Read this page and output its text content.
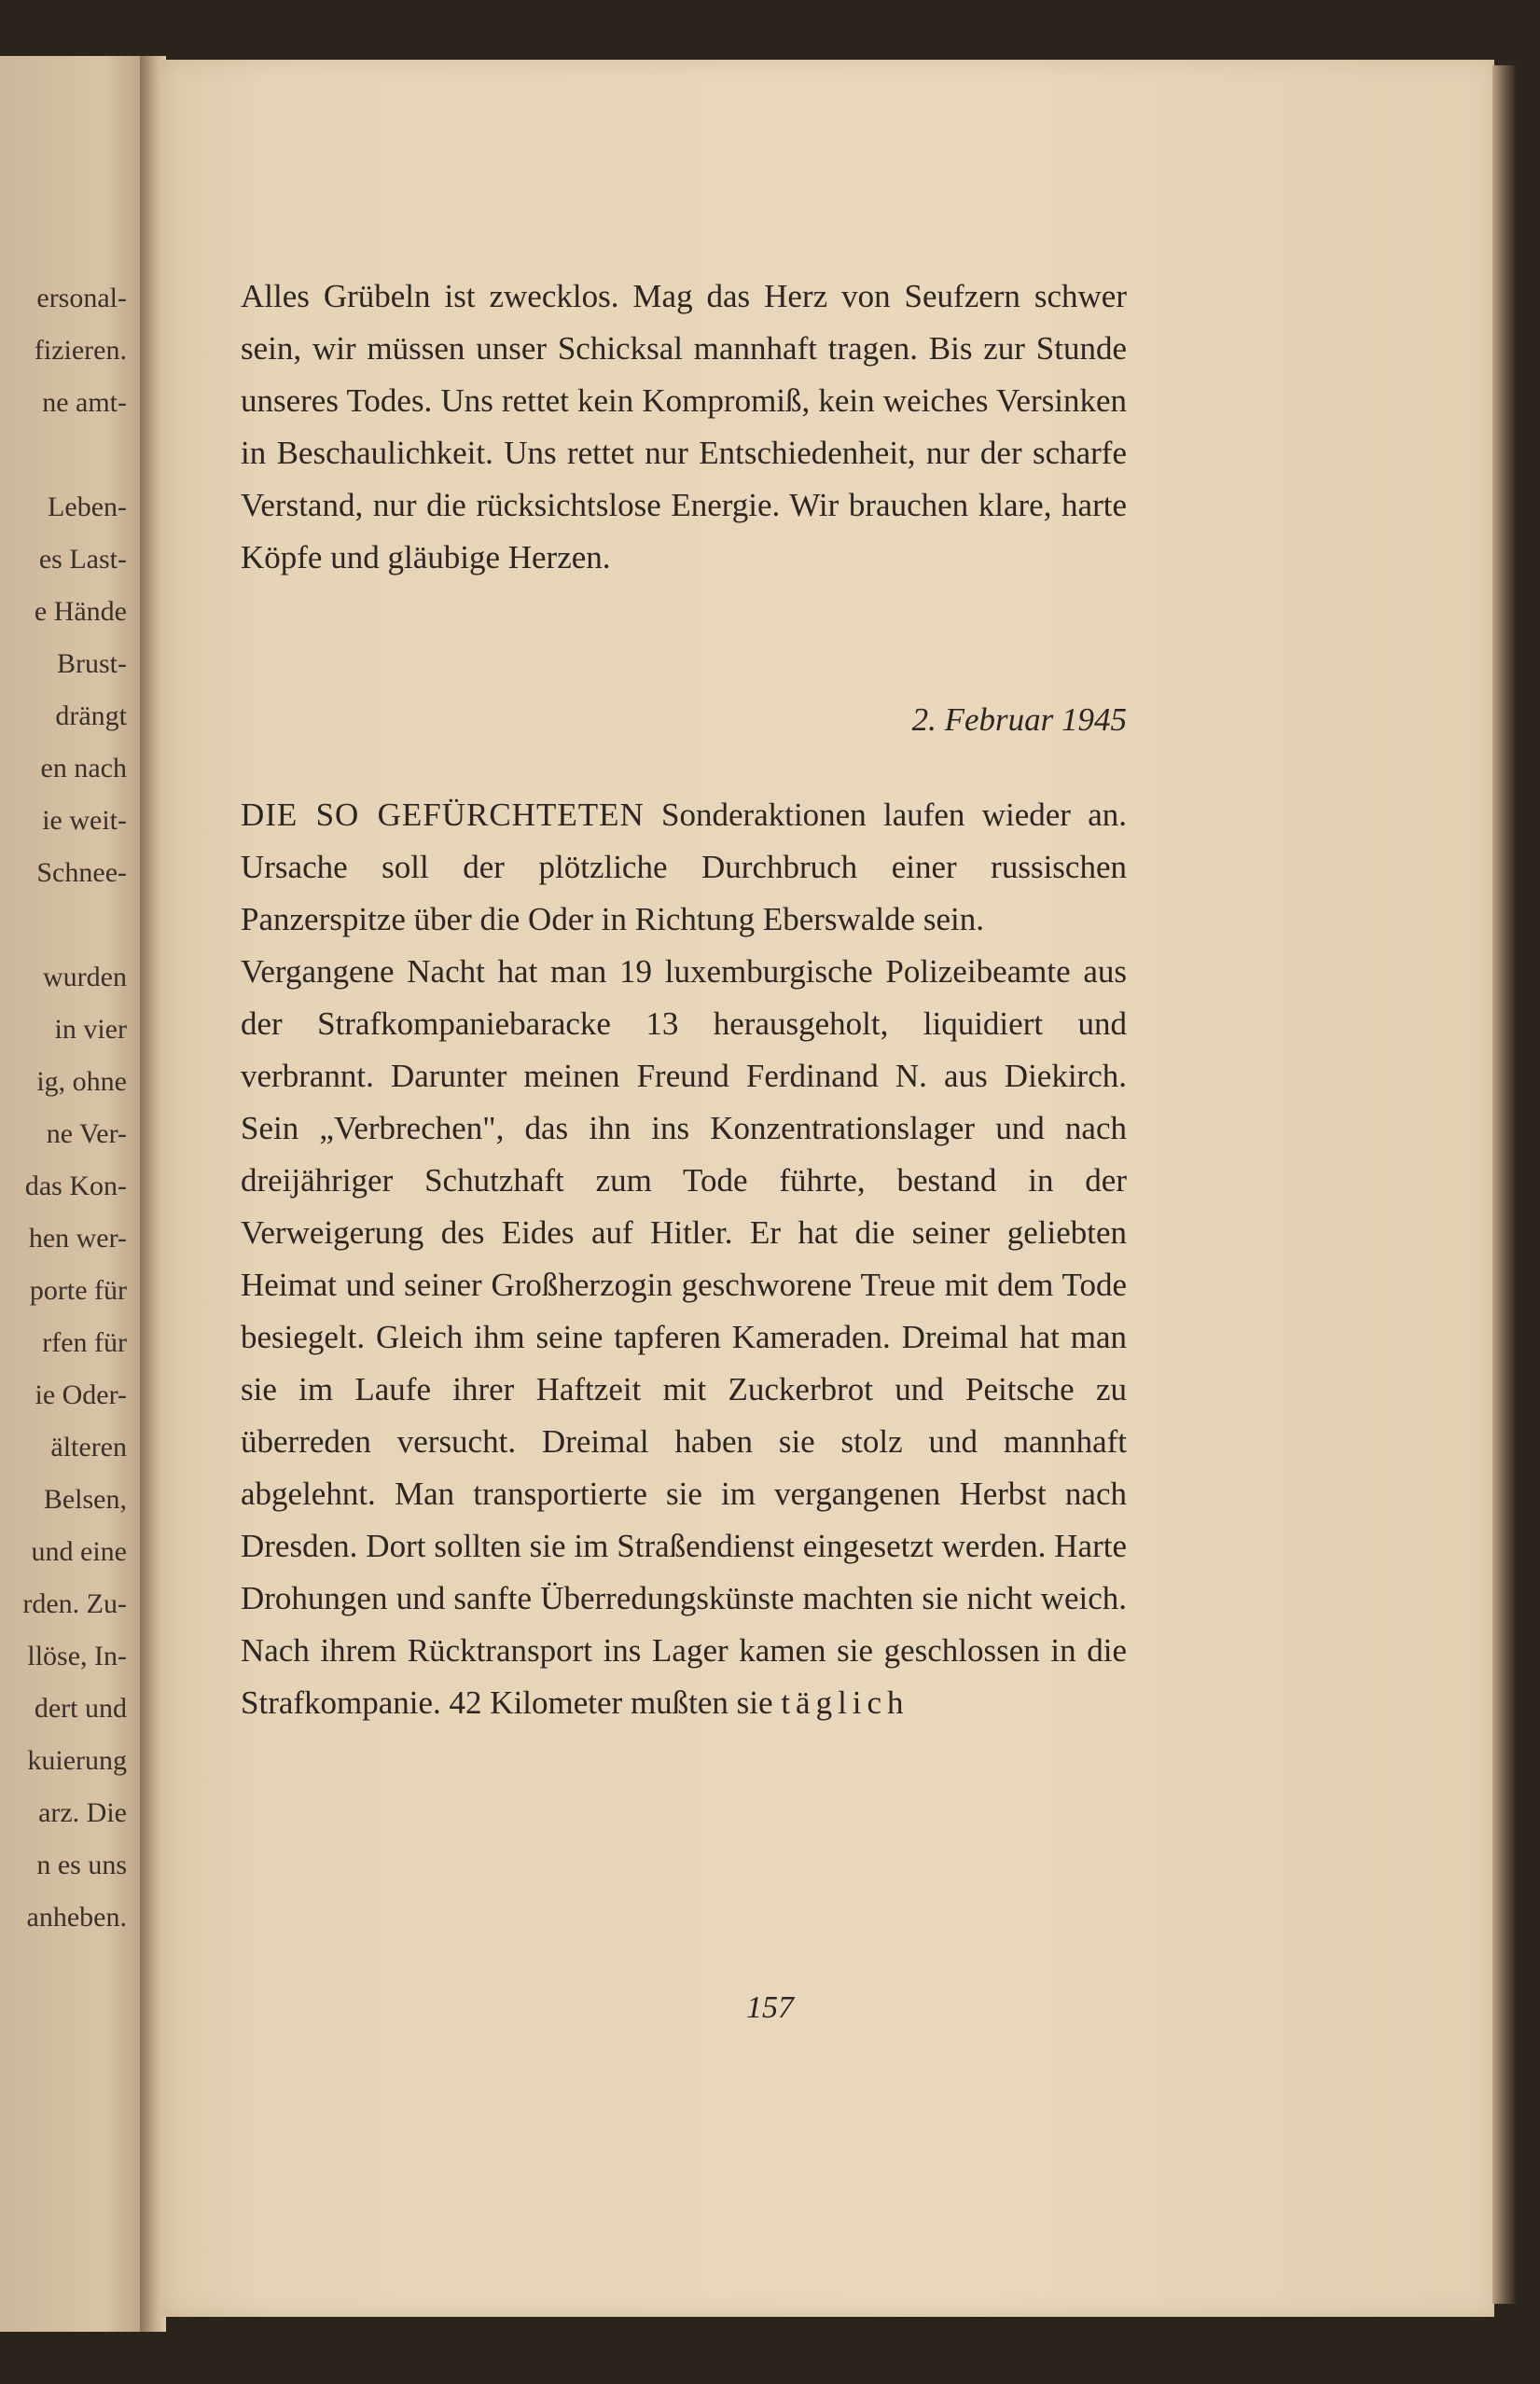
ersonal-
fizieren.
ne amt-
Leben-
es Last-
e Hände
Brust-
drängt
en nach
ie weit-
Schnee-
wurden
in vier
ig, ohne
ne Ver-
das Kon-
hen wer-
porte für
rfen für
ie Oder-
älteren
Belsen,
und eine
rden. Zu-
llöse, In-
dert und
kuierung
arz. Die
n es uns
anheben.

Alles Grübeln ist zwecklos. Mag das Herz von Seufzern schwer sein, wir müssen unser Schicksal mannhaft tragen. Bis zur Stunde unseres Todes. Uns rettet kein Kompromiß, kein weiches Versinken in Beschaulichkeit. Uns rettet nur Entschiedenheit, nur der scharfe Verstand, nur die rücksichtslose Energie. Wir brauchen klare, harte Köpfe und gläubige Herzen.

2. Februar 1945

DIE SO GEFÜRCHTETEN Sonderaktionen laufen wieder an. Ursache soll der plötzliche Durchbruch einer russischen Panzerspitze über die Oder in Richtung Eberswalde sein.

Vergangene Nacht hat man 19 luxemburgische Polizeibeamte aus der Strafkompaniebaracke 13 herausgeholt, liquidiert und verbrannt. Darunter meinen Freund Ferdinand N. aus Diekirch. Sein „Verbrechen", das ihn ins Konzentrationslager und nach dreijähriger Schutzhaft zum Tode führte, bestand in der Verweigerung des Eides auf Hitler. Er hat die seiner geliebten Heimat und seiner Großherzogin geschworene Treue mit dem Tode besiegelt. Gleich ihm seine tapferen Kameraden. Dreimal hat man sie im Laufe ihrer Haftzeit mit Zuckerbrot und Peitsche zu überreden versucht. Dreimal haben sie stolz und mannhaft abgelehnt. Man transportierte sie im vergangenen Herbst nach Dresden. Dort sollten sie im Straßendienst eingesetzt werden. Harte Drohungen und sanfte Überredungskünste machten sie nicht weich. Nach ihrem Rücktransport ins Lager kamen sie geschlossen in die Strafkompanie. 42 Kilometer mußten sie täglich

157
